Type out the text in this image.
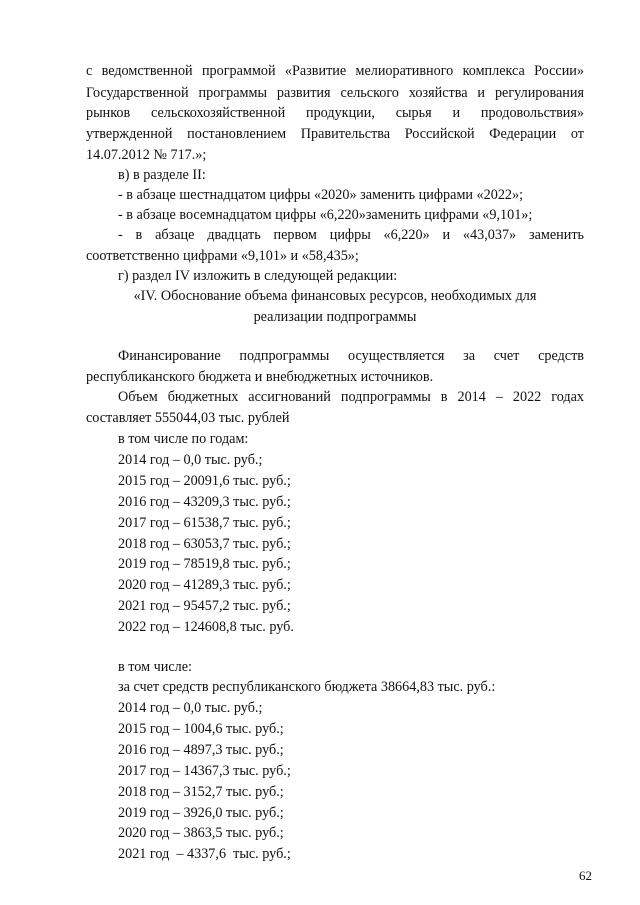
с ведомственной программой «Развитие мелиоративного комплекса России»
Государственной программы развития сельского хозяйства и регулирования
рынков сельскохозяйственной продукции, сырья и продовольствия»
утвержденной постановлением Правительства Российской Федерации от
14.07.2012 № 717.»;
в) в разделе II:
- в абзаце шестнадцатом цифры «2020» заменить цифрами «2022»;
- в абзаце восемнадцатом цифры «6,220»заменить цифрами «9,101»;
- в абзаце двадцать первом цифры «6,220» и «43,037» заменить
соответственно цифрами «9,101» и «58,435»;
г) раздел IV изложить в следующей редакции:
«IV. Обоснование объема финансовых ресурсов, необходимых для
реализации подпрограммы
Финансирование подпрограммы осуществляется за счет средств
республиканского бюджета и внебюджетных источников.
Объем бюджетных ассигнований подпрограммы в 2014 – 2022 годах
составляет 555044,03 тыс. рублей
в том числе по годам:
2014 год – 0,0 тыс. руб.;
2015 год – 20091,6 тыс. руб.;
2016 год – 43209,3 тыс. руб.;
2017 год – 61538,7 тыс. руб.;
2018 год – 63053,7 тыс. руб.;
2019 год – 78519,8 тыс. руб.;
2020 год – 41289,3 тыс. руб.;
2021 год – 95457,2 тыс. руб.;
2022 год – 124608,8 тыс. руб.
в том числе:
за счет средств республиканского бюджета 38664,83 тыс. руб.:
2014 год – 0,0 тыс. руб.;
2015 год – 1004,6 тыс. руб.;
2016 год – 4897,3 тыс. руб.;
2017 год – 14367,3 тыс. руб.;
2018 год – 3152,7 тыс. руб.;
2019 год – 3926,0 тыс. руб.;
2020 год – 3863,5 тыс. руб.;
2021 год  – 4337,6  тыс. руб.;
62
